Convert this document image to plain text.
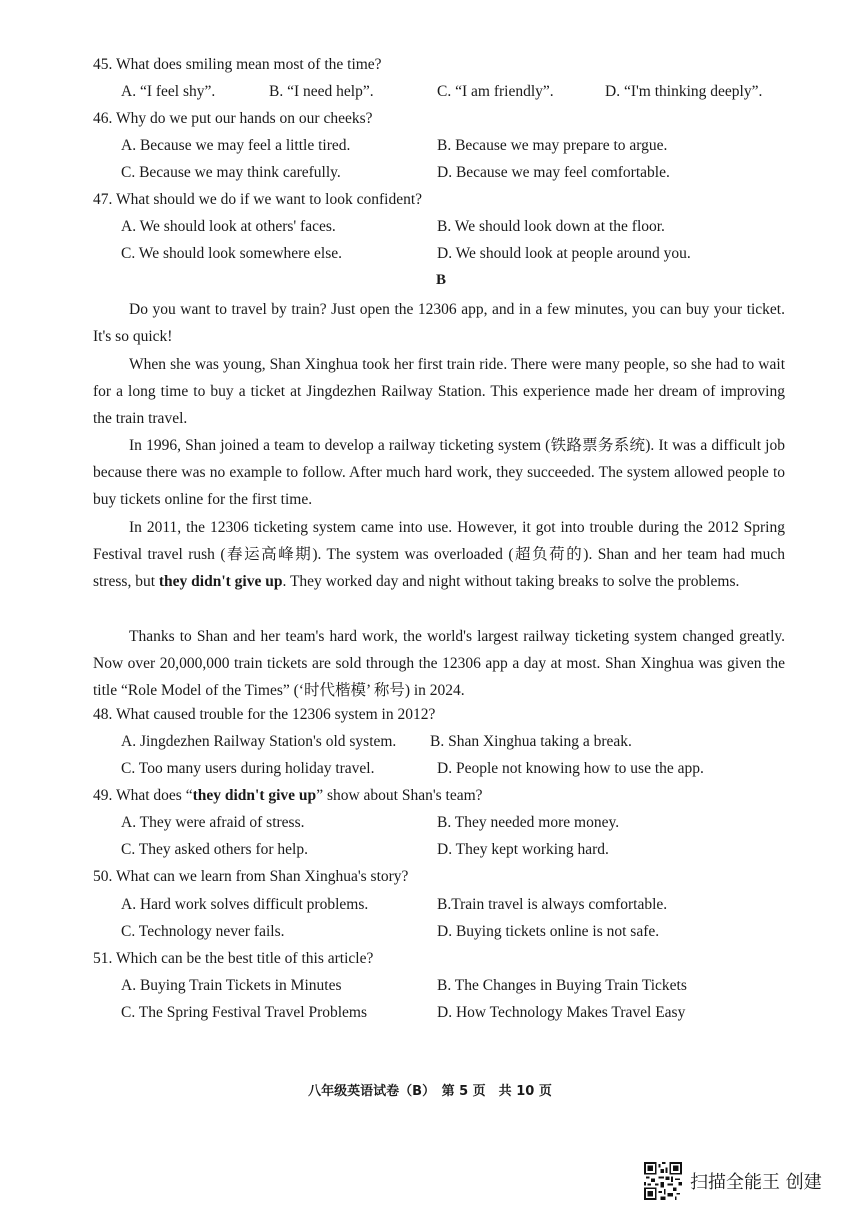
45. What does smiling mean most of the time?
A. “I feel shy”.	B. “I need help”.	C. “I am friendly”.	D. “I'm thinking deeply”.
46. Why do we put our hands on our cheeks?
A. Because we may feel a little tired.	B. Because we may prepare to argue.
C. Because we may think carefully.	D. Because we may feel comfortable.
47. What should we do if we want to look confident?
A. We should look at others' faces.	B. We should look down at the floor.
C. We should look somewhere else.	D. We should look at people around you.
B
Do you want to travel by train? Just open the 12306 app, and in a few minutes, you can buy your ticket. It's so quick!
When she was young, Shan Xinghua took her first train ride. There were many people, so she had to wait for a long time to buy a ticket at Jingdezhen Railway Station. This experience made her dream of improving the train travel.
In 1996, Shan joined a team to develop a railway ticketing system (铁路票务系统). It was a difficult job because there was no example to follow. After much hard work, they succeeded. The system allowed people to buy tickets online for the first time.
In 2011, the 12306 ticketing system came into use. However, it got into trouble during the 2012 Spring Festival travel rush (春运高峰期). The system was overloaded (超负荷的). Shan and her team had much stress, but they didn't give up. They worked day and night without taking breaks to solve the problems.
Thanks to Shan and her team's hard work, the world's largest railway ticketing system changed greatly. Now over 20,000,000 train tickets are sold through the 12306 app a day at most. Shan Xinghua was given the title “Role Model of the Times” (‘时代楷模’ 称号) in 2024.
48. What caused trouble for the 12306 system in 2012?
A. Jingdezhen Railway Station's old system. B. Shan Xinghua taking a break.
C. Too many users during holiday travel.	D. People not knowing how to use the app.
49. What does “they didn't give up” show about Shan's team?
A. They were afraid of stress.	B. They needed more money.
C. They asked others for help.	D. They kept working hard.
50. What can we learn from Shan Xinghua's story?
A. Hard work solves difficult problems.	B.Train travel is always comfortable.
C. Technology never fails.	D. Buying tickets online is not safe.
51. Which can be the best title of this article?
A. Buying Train Tickets in Minutes	B. The Changes in Buying Train Tickets
C. The Spring Festival Travel Problems	D. How Technology Makes Travel Easy
八年级英语试卷（B）　第 5 页　共 10 页
扫描全能王 创建
